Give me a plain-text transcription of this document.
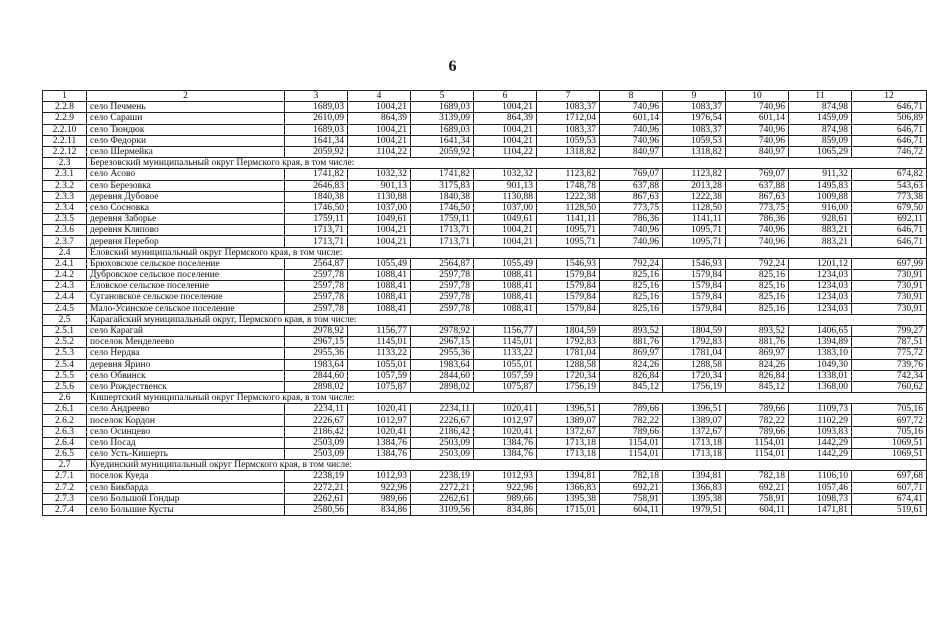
6
1	2	3	4	5	6	7	8	9	10	11	12
2.2.8	село Печмень	1689,03	1004,21	1689,03	1004,21	1083,37	740,96	1083,37	740,96	874,98	646,71
2.2.9	село Сараши	2610,09	864,39	3139,09	864,39	1712,04	601,14	1976,54	601,14	1459,09	506,89
2.2.10	село Тюндюк	1689,03	1004,21	1689,03	1004,21	1083,37	740,96	1083,37	740,96	874,98	646,71
2.2.11	село Федорки	1641,34	1004,21	1641,34	1004,21	1059,53	740,96	1059,53	740,96	859,09	646,71
2.2.12	село Шермейка	2059,92	1104,22	2059,92	1104,22	1318,82	840,97	1318,82	840,97	1065,29	746,72
2.3	Березовский муниципальный округ Пермского края, в том числе:										
2.3.1	село Асово	1741,82	1032,32	1741,82	1032,32	1123,82	769,07	1123,82	769,07	911,32	674,82
2.3.2	село Березовка	2646,83	901,13	3175,83	901,13	1748,78	637,88	2013,28	637,88	1495,83	543,63
2.3.3	деревня Дубовое	1840,38	1130,88	1840,38	1130,88	1222,38	867,63	1222,38	867,63	1009,88	773,38
2.3.4	село Сосновка	1746,50	1037,00	1746,50	1037,00	1128,50	773,75	1128,50	773,75	916,00	679,50
2.3.5	деревня Заборье	1759,11	1049,61	1759,11	1049,61	1141,11	786,36	1141,11	786,36	928,61	692,11
2.3.6	деревня Кляпово	1713,71	1004,21	1713,71	1004,21	1095,71	740,96	1095,71	740,96	883,21	646,71
2.3.7	деревня Перебор	1713,71	1004,21	1713,71	1004,21	1095,71	740,96	1095,71	740,96	883,21	646,71
2.4	Еловский муниципальный округ Пермского края, в том числе:										
2.4.1	Брюховское сельское поселение	2564,87	1055,49	2564,87	1055,49	1546,93	792,24	1546,93	792,24	1201,12	697,99
2.4.2	Дубровское сельское поселение	2597,78	1088,41	2597,78	1088,41	1579,84	825,16	1579,84	825,16	1234,03	730,91
2.4.3	Еловское сельское поселение	2597,78	1088,41	2597,78	1088,41	1579,84	825,16	1579,84	825,16	1234,03	730,91
2.4.4	Сугановское сельское поселение	2597,78	1088,41	2597,78	1088,41	1579,84	825,16	1579,84	825,16	1234,03	730,91
2.4.5	Мало-Усинское сельское поселение	2597,78	1088,41	2597,78	1088,41	1579,84	825,16	1579,84	825,16	1234,03	730,91
2.5	Карагайский муниципальный округ, Пермского края, в том числе:										
2.5.1	село Карагай	2978,92	1156,77	2978,92	1156,77	1804,59	893,52	1804,59	893,52	1406,65	799,27
2.5.2	поселок Менделеево	2967,15	1145,01	2967,15	1145,01	1792,83	881,76	1792,83	881,76	1394,89	787,51
2.5.3	село Нердва	2955,36	1133,22	2955,36	1133,22	1781,04	869,97	1781,04	869,97	1383,10	775,72
2.5.4	деревня Ярино	1983,64	1055,01	1983,64	1055,01	1288,58	824,26	1288,58	824,26	1049,30	739,76
2.5.5	село Обвинск	2844,60	1057,59	2844,60	1057,59	1720,34	826,84	1720,34	826,84	1338,01	742,34
2.5.6	село Рождественск	2898,02	1075,87	2898,02	1075,87	1756,19	845,12	1756,19	845,12	1368,00	760,62
2.6	Кишертский муниципальный округ Пермского края, в том числе:										
2.6.1	село Андреево	2234,11	1020,41	2234,11	1020,41	1396,51	789,66	1396,51	789,66	1109,73	705,16
2.6.2	поселок Кордон	2226,67	1012,97	2226,67	1012,97	1389,07	782,22	1389,07	782,22	1102,29	697,72
2.6.3	село Осинцево	2186,42	1020,41	2186,42	1020,41	1372,67	789,66	1372,67	789,66	1093,83	705,16
2.6.4	село Посад	2503,09	1384,76	2503,09	1384,76	1713,18	1154,01	1713,18	1154,01	1442,29	1069,51
2.6.5	село Усть-Кишерть	2503,09	1384,76	2503,09	1384,76	1713,18	1154,01	1713,18	1154,01	1442,29	1069,51
2.7	Куединский муниципальный округ Пермского края, в том числе:										
2.7.1	поселок Куеда	2238,19	1012,93	2238,19	1012,93	1394,81	782,18	1394,81	782,18	1106,10	697,68
2.7.2	село Бикбарда	2272,21	922,96	2272,21	922,96	1366,83	692,21	1366,83	692,21	1057,46	607,71
2.7.3	село Большой Гондыр	2262,61	989,66	2262,61	989,66	1395,38	758,91	1395,38	758,91	1098,73	674,41
2.7.4	село Большие Кусты	2580,56	834,86	3109,56	834,86	1715,01	604,11	1979,51	604,11	1471,81	519,61
